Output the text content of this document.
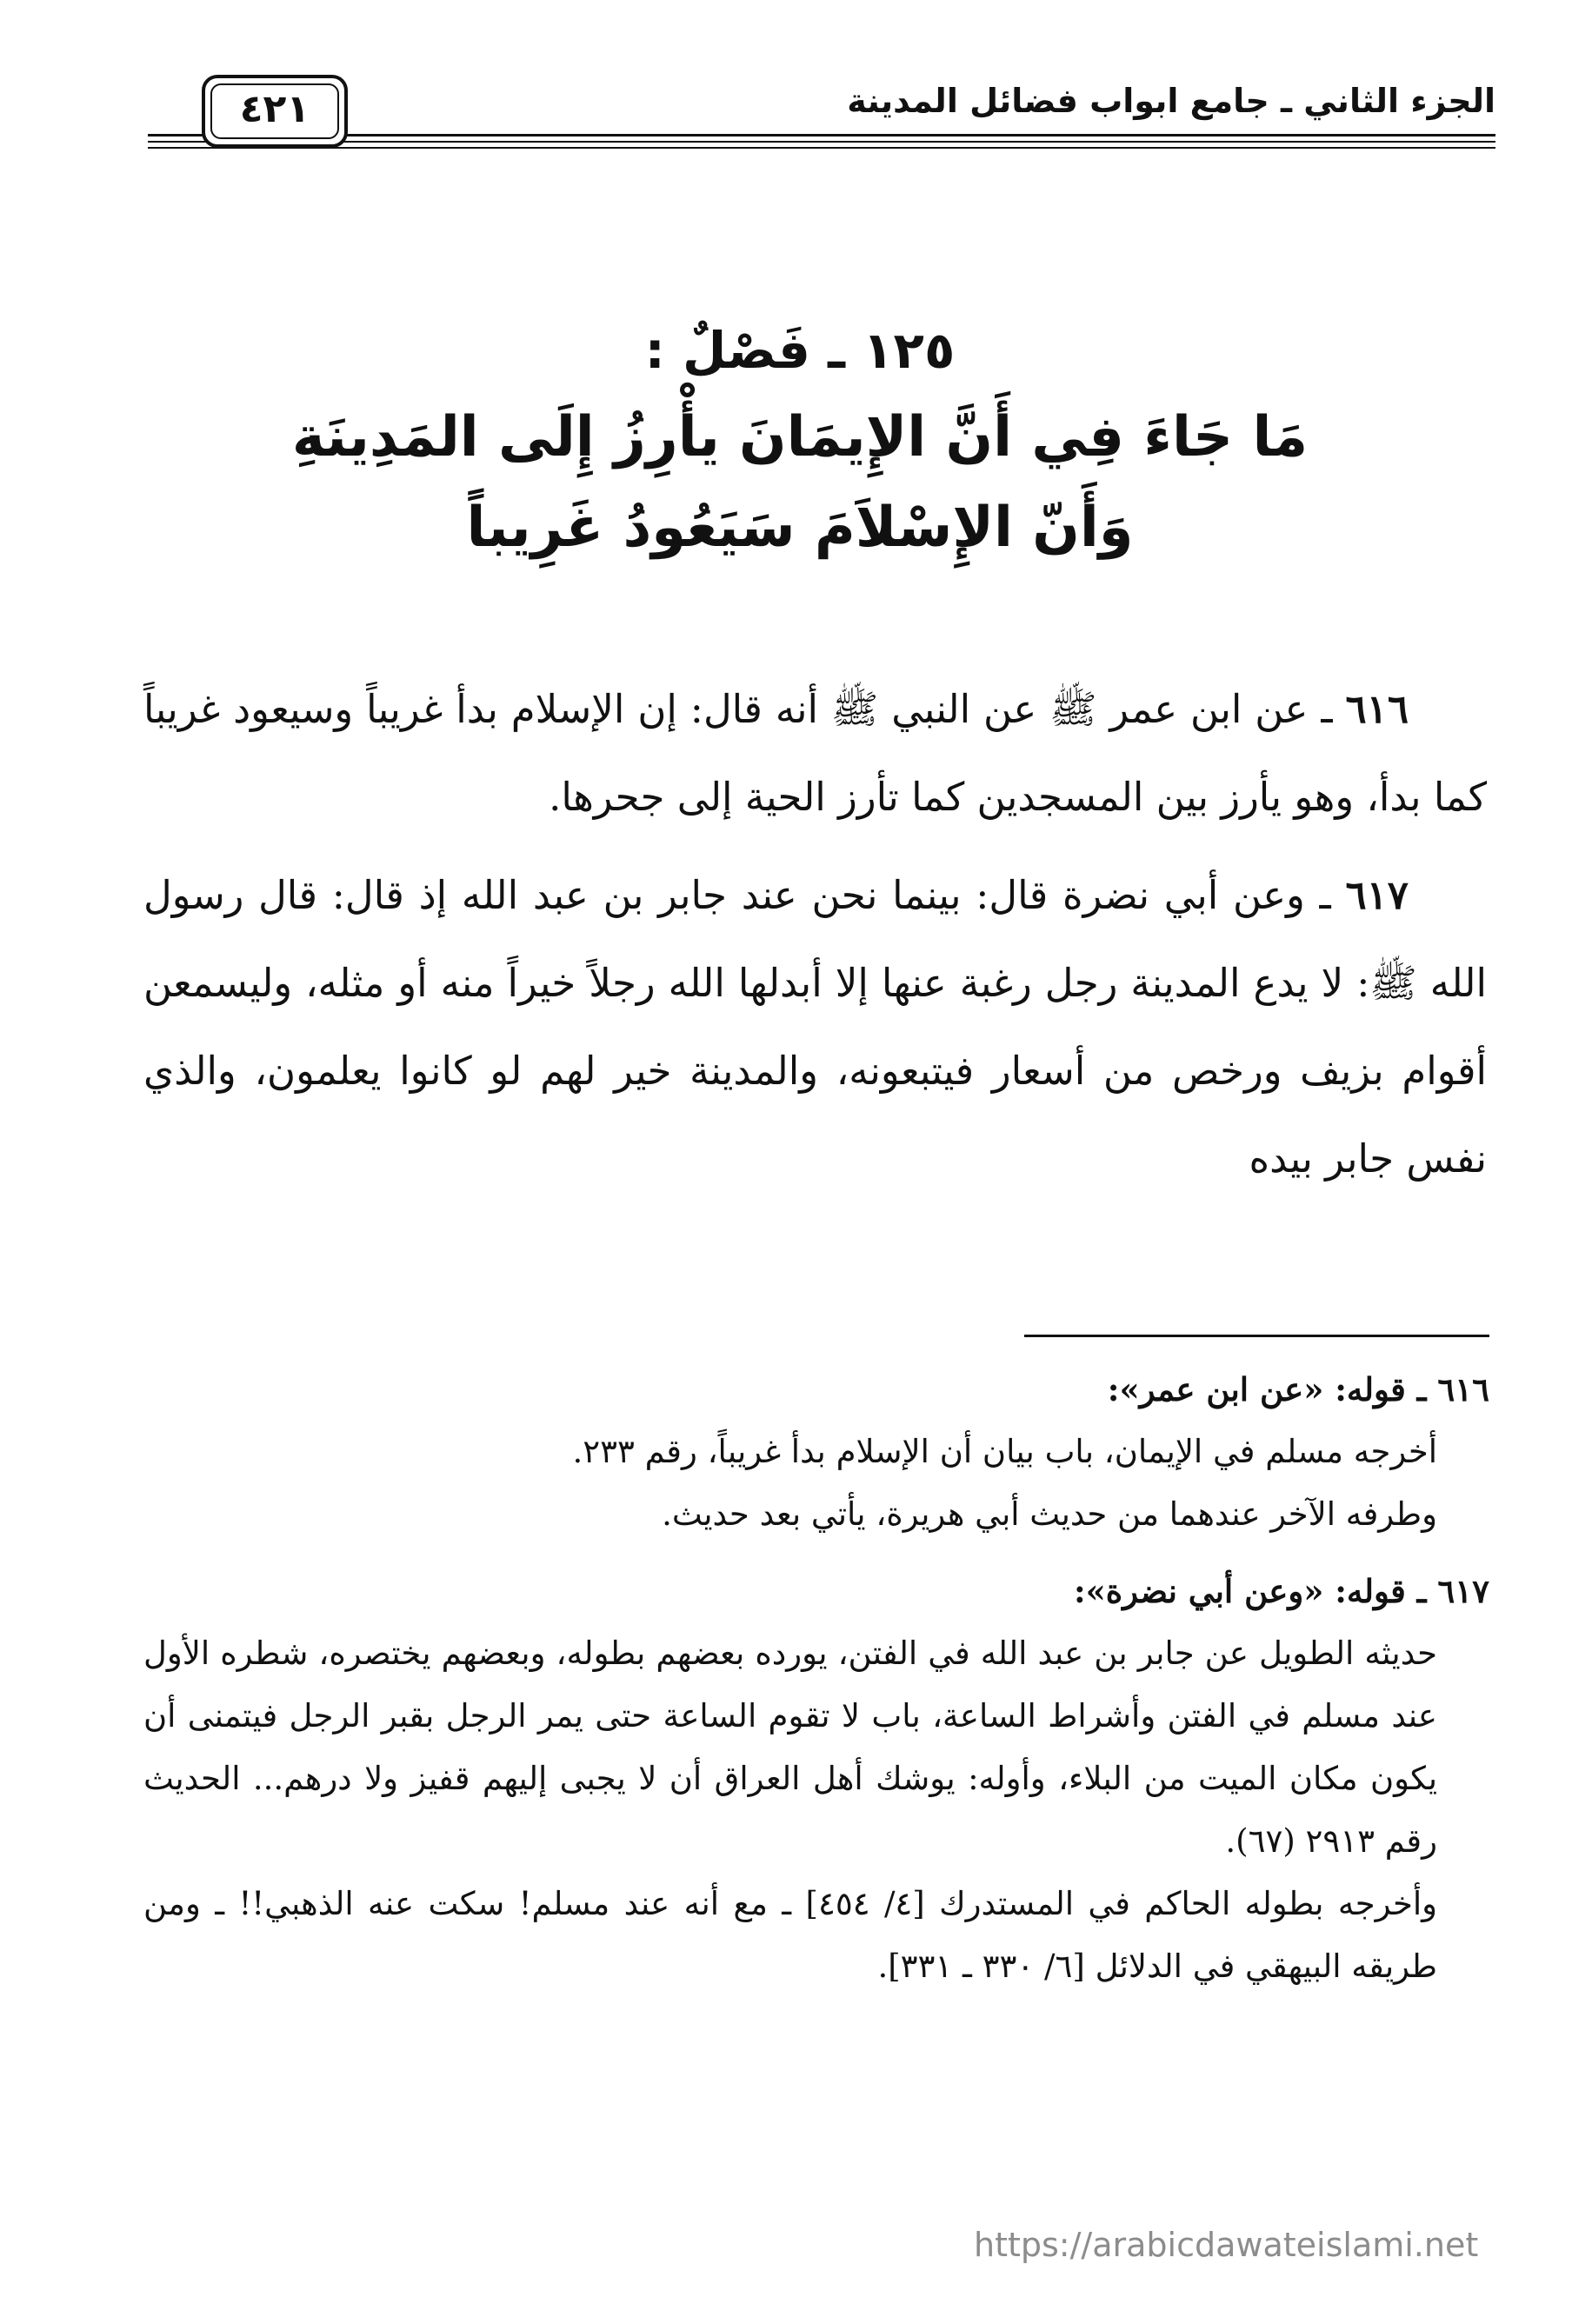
الجزء الثاني ـ جامع ابواب فضائل المدينة
٤٢١
١٢٥ ـ فَصْلٌ :
مَا جَاءَ فِي أَنَّ الإِيمَانَ يأْرِزُ إِلَى المَدِينَةِ
وَأَنّ الإِسْلاَمَ سَيَعُودُ غَرِيباً

٦١٦ ـ عن ابن عمر ﷺ عن النبي ﷺ أنه قال: إن الإسلام بدأ غريباً وسيعود غريباً كما بدأ، وهو يأرز بين المسجدين كما تأرز الحية إلى جحرها.

٦١٧ ـ وعن أبي نضرة قال: بينما نحن عند جابر بن عبد الله إذ قال: قال رسول الله ﷺ: لا يدع المدينة رجل رغبة عنها إلا أبدلها الله رجلاً خيراً منه أو مثله، وليسمعن أقوام بزيف ورخص من أسعار فيتبعونه، والمدينة خير لهم لو كانوا يعلمون، والذي نفس جابر بيده

٦١٦ ـ قوله: «عن ابن عمر»:

أخرجه مسلم في الإيمان، باب بيان أن الإسلام بدأ غريباً، رقم ٢٣٣.

وطرفه الآخر عندهما من حديث أبي هريرة، يأتي بعد حديث.

٦١٧ ـ قوله: «وعن أبي نضرة»:

حديثه الطويل عن جابر بن عبد الله في الفتن، يورده بعضهم بطوله، وبعضهم يختصره، شطره الأول عند مسلم في الفتن وأشراط الساعة، باب لا تقوم الساعة حتى يمر الرجل بقبر الرجل فيتمنى أن يكون مكان الميت من البلاء، وأوله: يوشك أهل العراق أن لا يجبى إليهم قفيز ولا درهم... الحديث رقم ٢٩١٣ (٦٧).

وأخرجه بطوله الحاكم في المستدرك [٤/ ٤٥٤] ـ مع أنه عند مسلم! سكت عنه الذهبي!! ـ ومن طريقه البيهقي في الدلائل [٦/ ٣٣٠ ـ ٣٣١].

https://arabicdawateislami.net
